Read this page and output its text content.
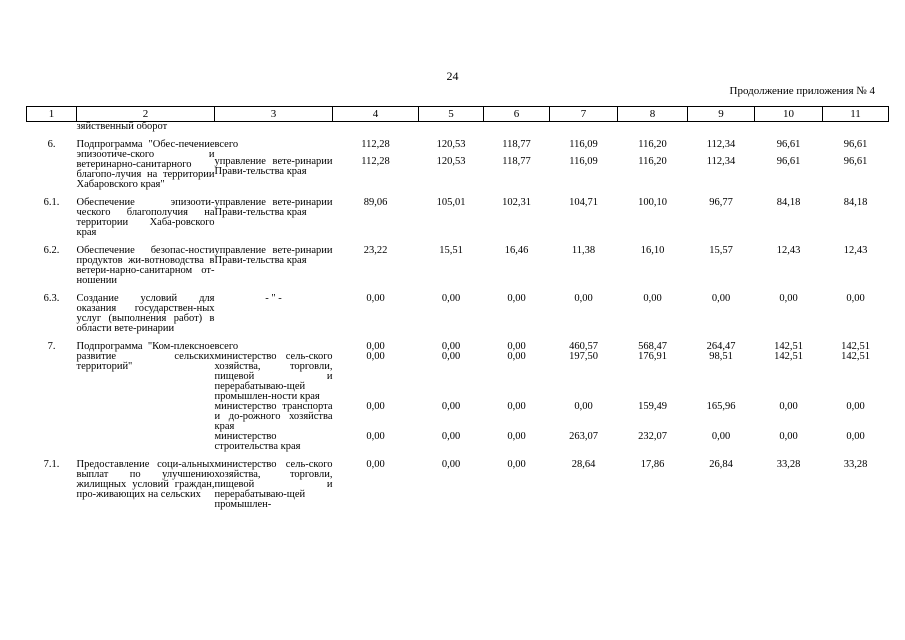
24
Продолжение приложения № 4
1	2	3	4	5	6	7	8	9	10	11
	зяйственный оборот									

6.	Подпрограмма "Обес-печение эпизоотиче-ского и ветеринарно-санитарного благопо-лучия на территории Хабаровского края"	всего	112,28	120,53	118,77	116,09	116,20	112,34	96,61	96,61
		управление вете-ринарии Прави-тельства края	112,28	120,53	118,77	116,09	116,20	112,34	96,61	96,61

6.1.	Обеспечение эпизооти-ческого благополучия на территории Хаба-ровского края	управление вете-ринарии Прави-тельства края	89,06	105,01	102,31	104,71	100,10	96,77	84,18	84,18

6.2.	Обеспечение безопас-ности продуктов жи-вотноводства в ветери-нарно-санитарном от-ношении	управление вете-ринарии Прави-тельства края	23,22	15,51	16,46	11,38	16,10	15,57	12,43	12,43

6.3.	Создание условий для оказания государствен-ных услуг (выполнения работ) в области вете-ринарии	- " -	0,00	0,00	0,00	0,00	0,00	0,00	0,00	0,00

7.	Подпрограмма "Ком-плексное развитие сельских территорий"	всего	0,00	0,00	0,00	460,57	568,47	264,47	142,51	142,51
		министерство сель-ского хозяйства, торговли, пищевой и перерабатываю-щей промышлен-ности края	0,00	0,00	0,00	197,50	176,91	98,51	142,51	142,51
		министерство транспорта и до-рожного хозяйства края	0,00	0,00	0,00	0,00	159,49	165,96	0,00	0,00
		министерство строительства края	0,00	0,00	0,00	263,07	232,07	0,00	0,00	0,00

7.1.	Предоставление соци-альных выплат по улучшению жилищных условий граждан, про-живающих на сельских	министерство сель-ского хозяйства, торговли, пищевой и перерабатываю-щей промышлен-	0,00	0,00	0,00	28,64	17,86	26,84	33,28	33,28
